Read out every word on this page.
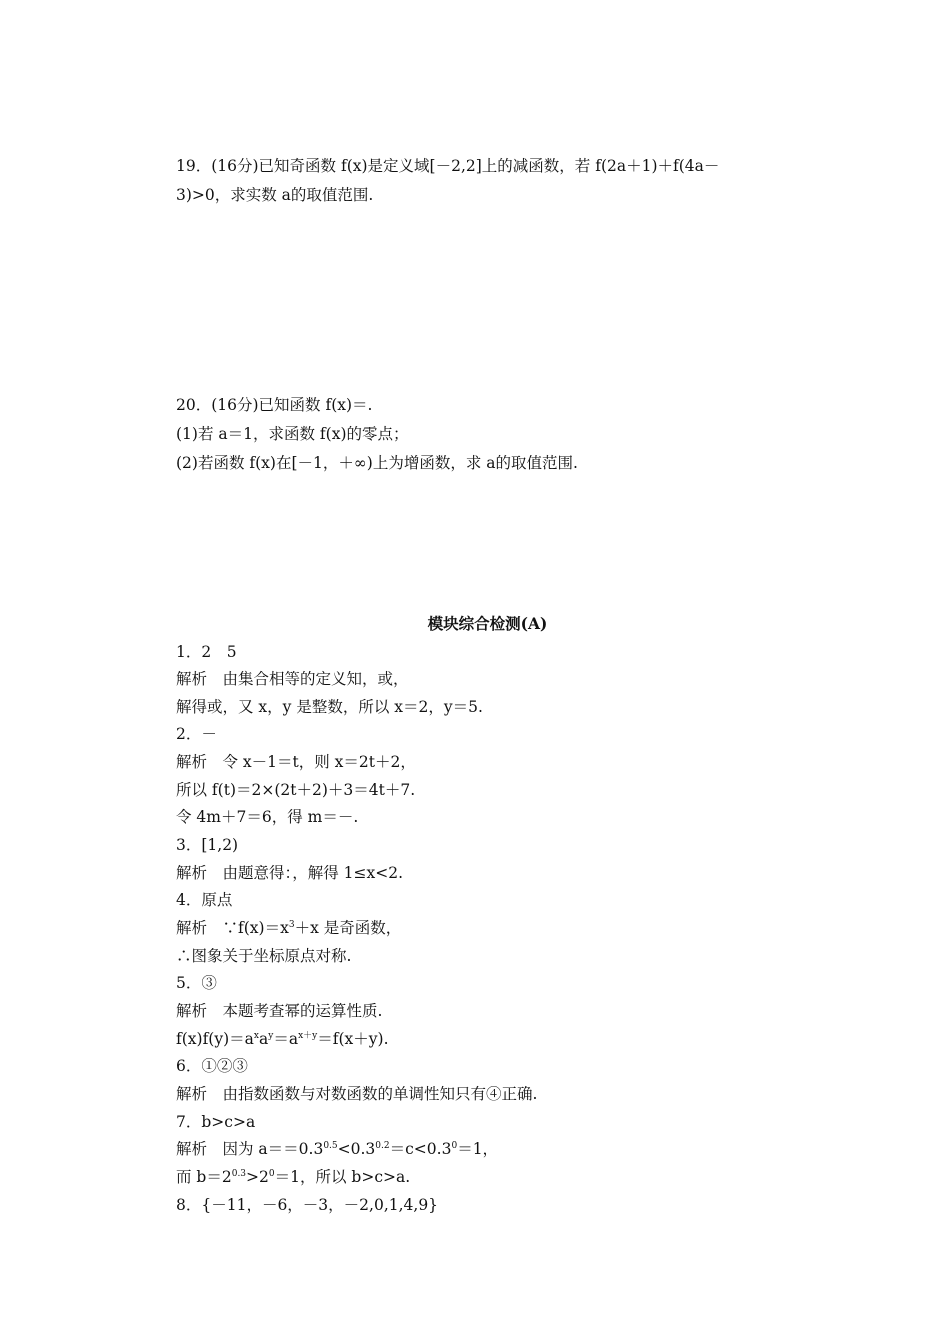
19．(16分)已知奇函数 f(x)是定义域[－2,2]上的减函数，若 f(2a＋1)＋f(4a－
3)>0，求实数 a的取值范围.
20．(16分)已知函数 f(x)＝.
(1)若 a＝1，求函数 f(x)的零点；
(2)若函数 f(x)在[－1，＋∞)上为增函数，求 a的取值范围.
模块综合检测(A)
1．2　5
解析　由集合相等的定义知，或，
解得或，又 x，y 是整数，所以 x＝2，y＝5.
2．－
解析　令 x－1＝t，则 x＝2t＋2，
所以 f(t)＝2×(2t＋2)＋3＝4t＋7.
令 4m＋7＝6，得 m＝－.
3．[1,2)
解析　由题意得：，解得 1≤x<2.
4．原点
解析　$\because f(x)=x^3+x$ 是奇函数，
∴图象关于坐标原点对称.
5．③
解析　本题考查幂的运算性质.
$f(x)f(y)=a^xa^y=a^{x+y}=f(x+y)$.
6．①②③
解析　由指数函数与对数函数的单调性知只有④正确.
7．b>c>a
解析　因为 $a==0.3^{0.5}<0.3^{0.2}=c<0.3^0=1$，
而 $b=2^{0.3}>2^0=1$，所以 b>c>a.
8．{－11，－6，－3，－2,0,1,4,9}
